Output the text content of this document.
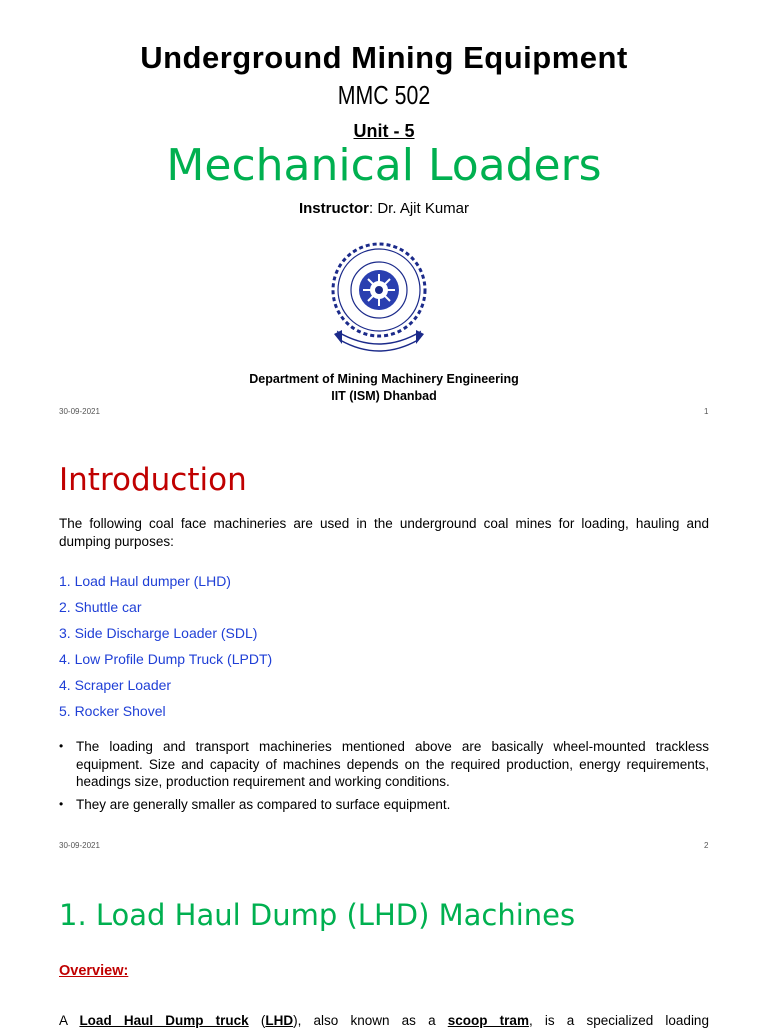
Underground Mining Equipment
MMC 502
Unit - 5
Mechanical Loaders
Instructor: Dr. Ajit Kumar
Department of Mining Machinery Engineering
IIT (ISM) Dhanbad
30-09-2021	1
Introduction
The following coal face machineries are used in the underground coal mines for loading, hauling and dumping purposes:
1. Load Haul dumper (LHD)
2. Shuttle car
3. Side Discharge Loader (SDL)
4. Low Profile Dump Truck (LPDT)
4. Scraper Loader
5. Rocker Shovel
• The loading and transport machineries mentioned above are basically wheel-mounted trackless equipment. Size and capacity of machines depends on the required production, energy requirements, headings size, production requirement and working conditions.
• They are generally smaller as compared to surface equipment.
30-09-2021	2
1. Load Haul Dump (LHD) Machines
Overview:
A Load Haul Dump truck (LHD), also known as a scoop tram, is a specialized loading
